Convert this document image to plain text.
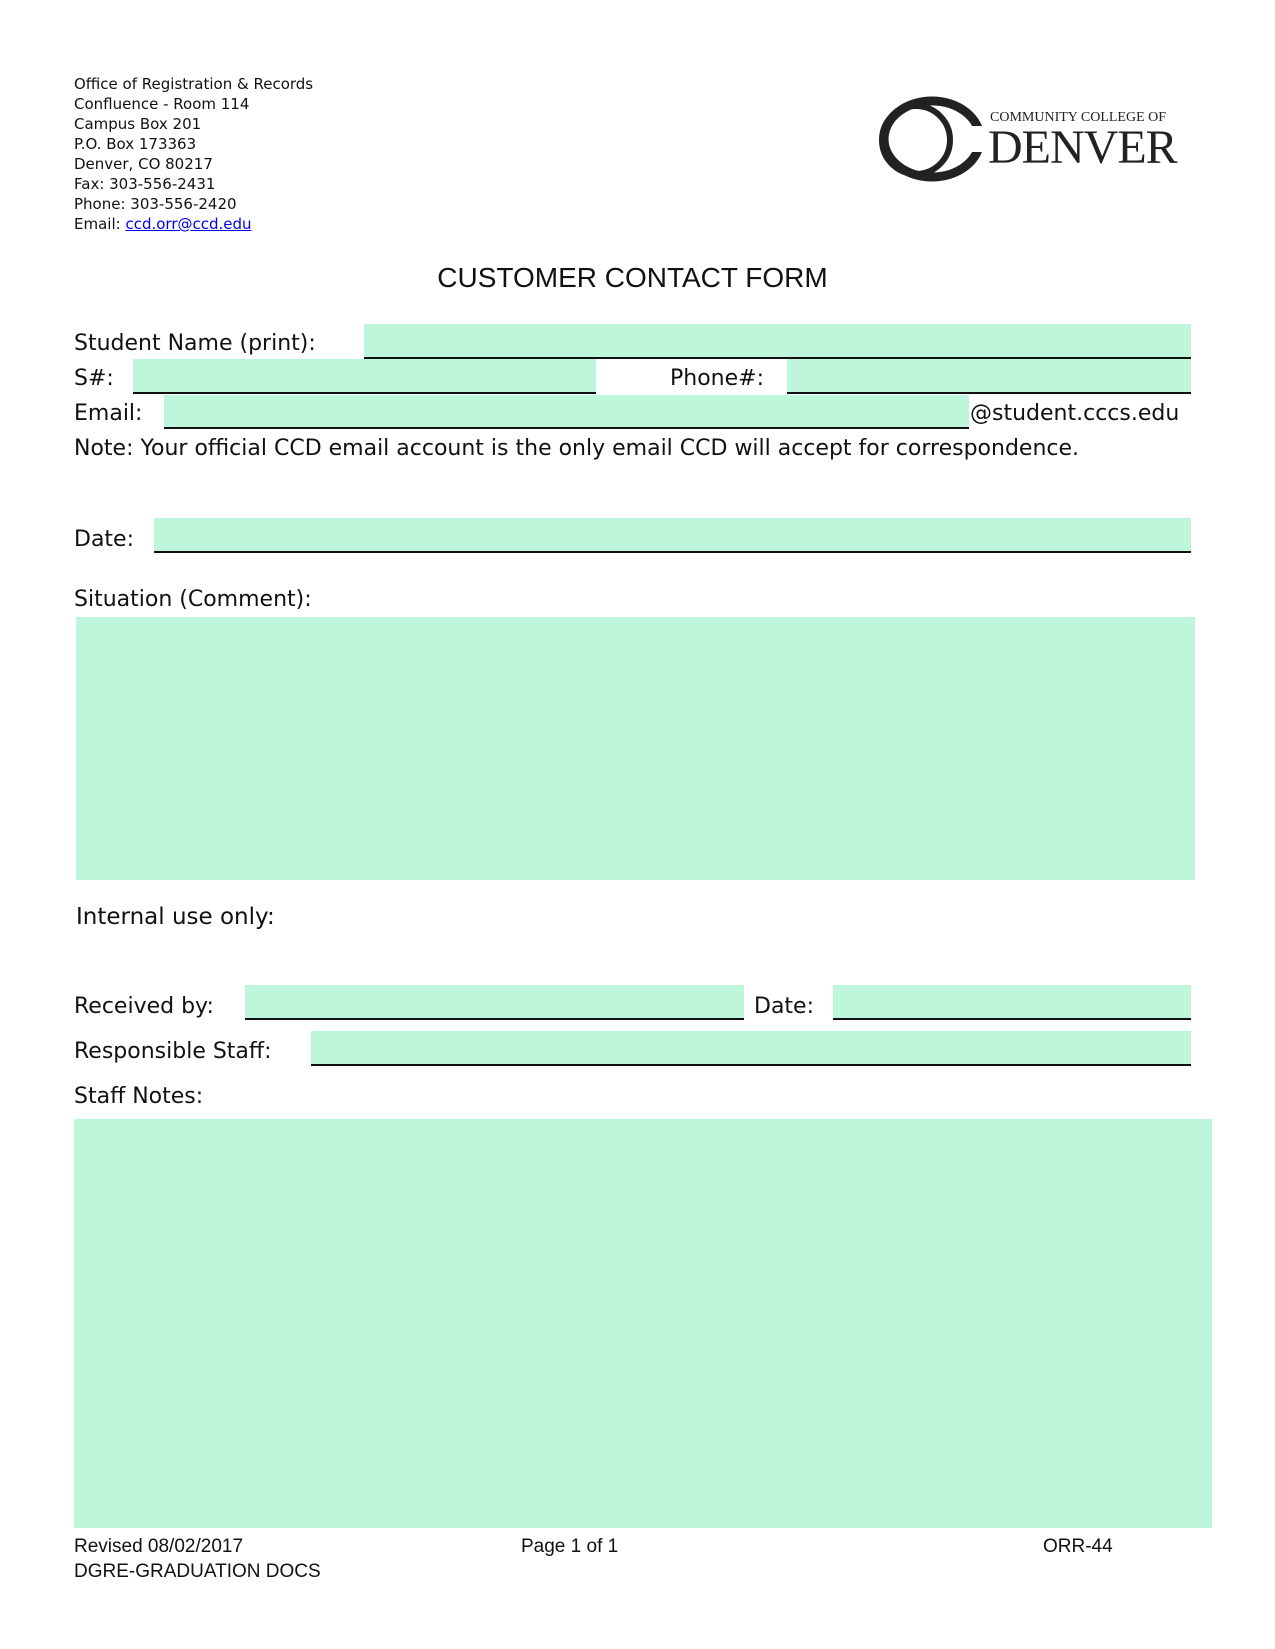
Office of Registration & Records
Confluence - Room 114
Campus Box 201
P.O. Box 173363
Denver, CO 80217
Fax: 303-556-2431
Phone: 303-556-2420
Email: ccd.orr@ccd.edu
COMMUNITY COLLEGE OF
DENVER
CUSTOMER CONTACT FORM
Student Name (print):
S#:	Phone#:
Email:	@student.cccs.edu
Note: Your official CCD email account is the only email CCD will accept for correspondence.
Date:
Situation (Comment):
Internal use only:
Received by:	Date:
Responsible Staff:
Staff Notes:
Revised 08/02/2017
DGRE-GRADUATION DOCS
Page 1 of 1	ORR-44
